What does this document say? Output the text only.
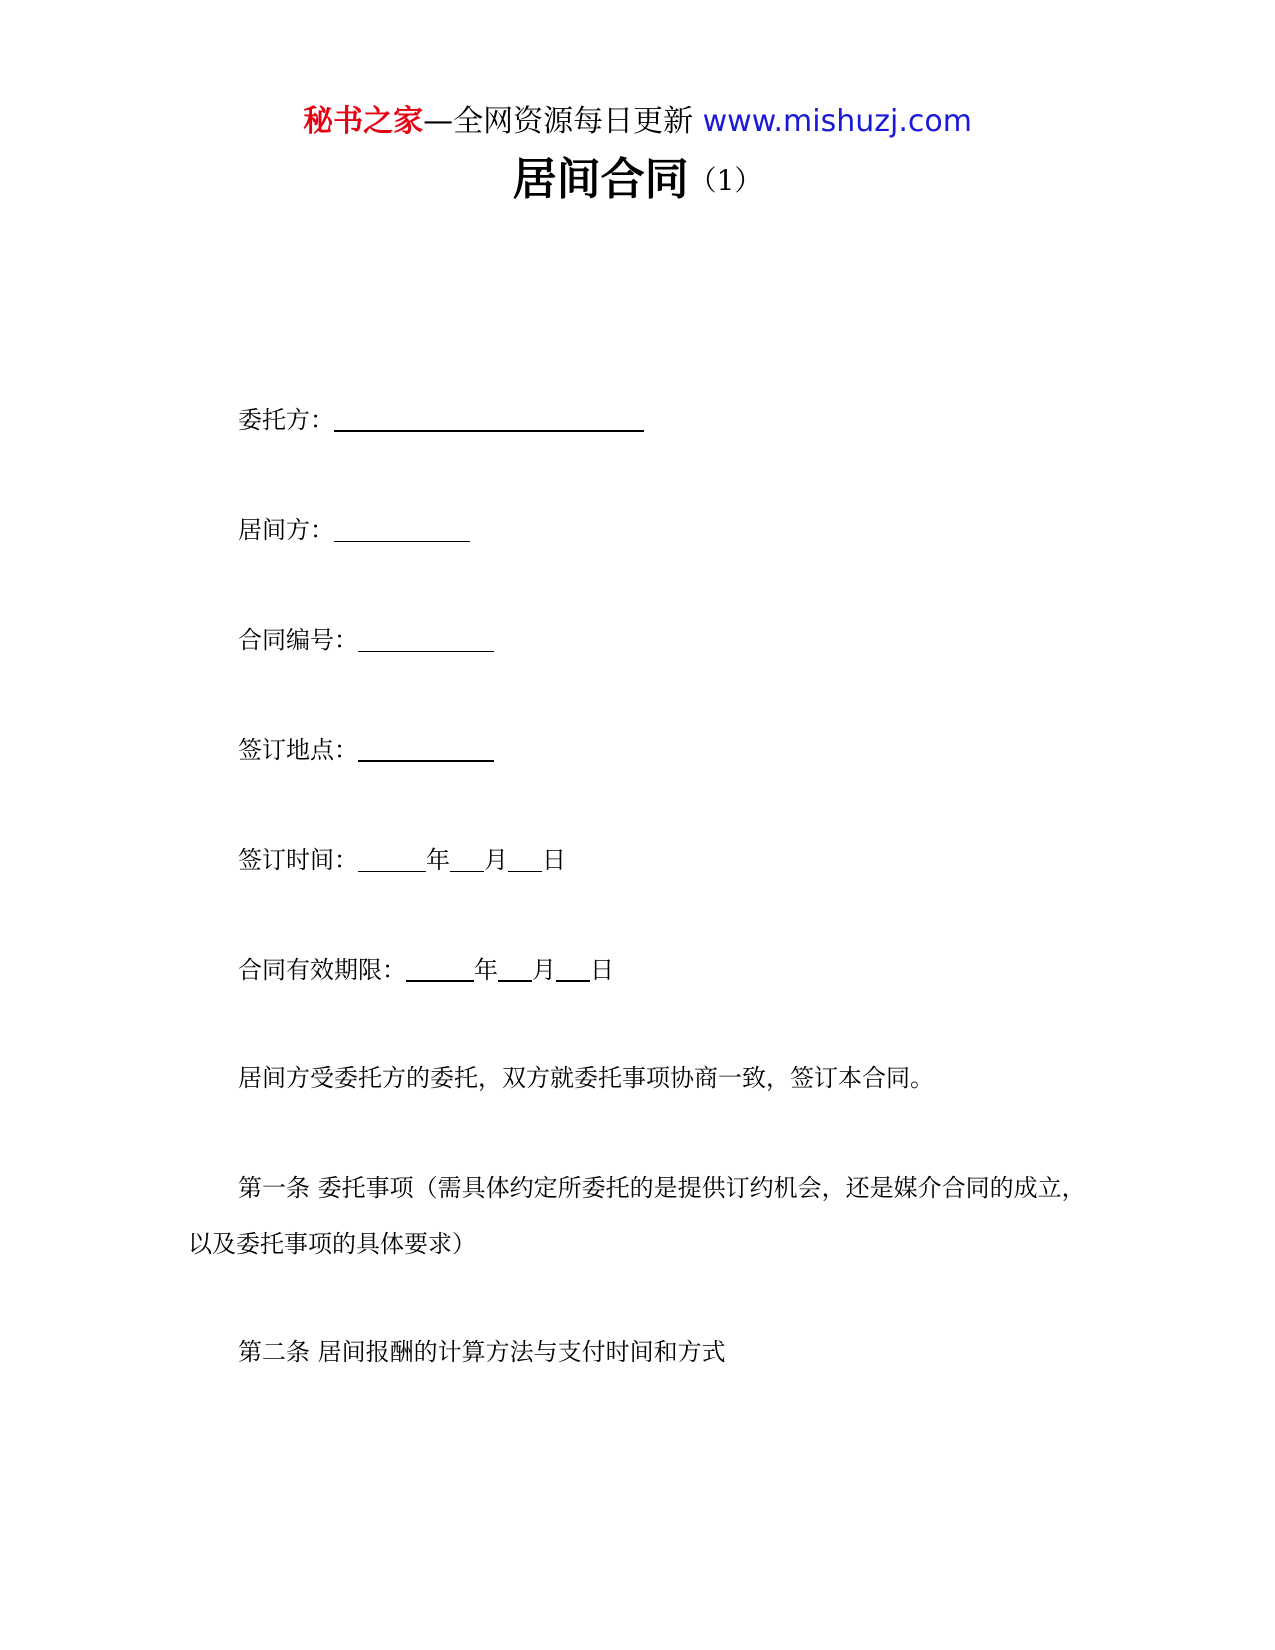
秘书之家—全网资源每日更新 www.mishuzj.com
居间合同（1）
委托方：
居间方：
合同编号：
签订地点：
签订时间：	年 月 日
合同有效期限：	年 月 日
居间方受委托方的委托，双方就委托事项协商一致，签订本合同。
第一条 委托事项（需具体约定所委托的是提供订约机会，还是媒介合同的成立，以及委托事项的具体要求）
第二条 居间报酬的计算方法与支付时间和方式
